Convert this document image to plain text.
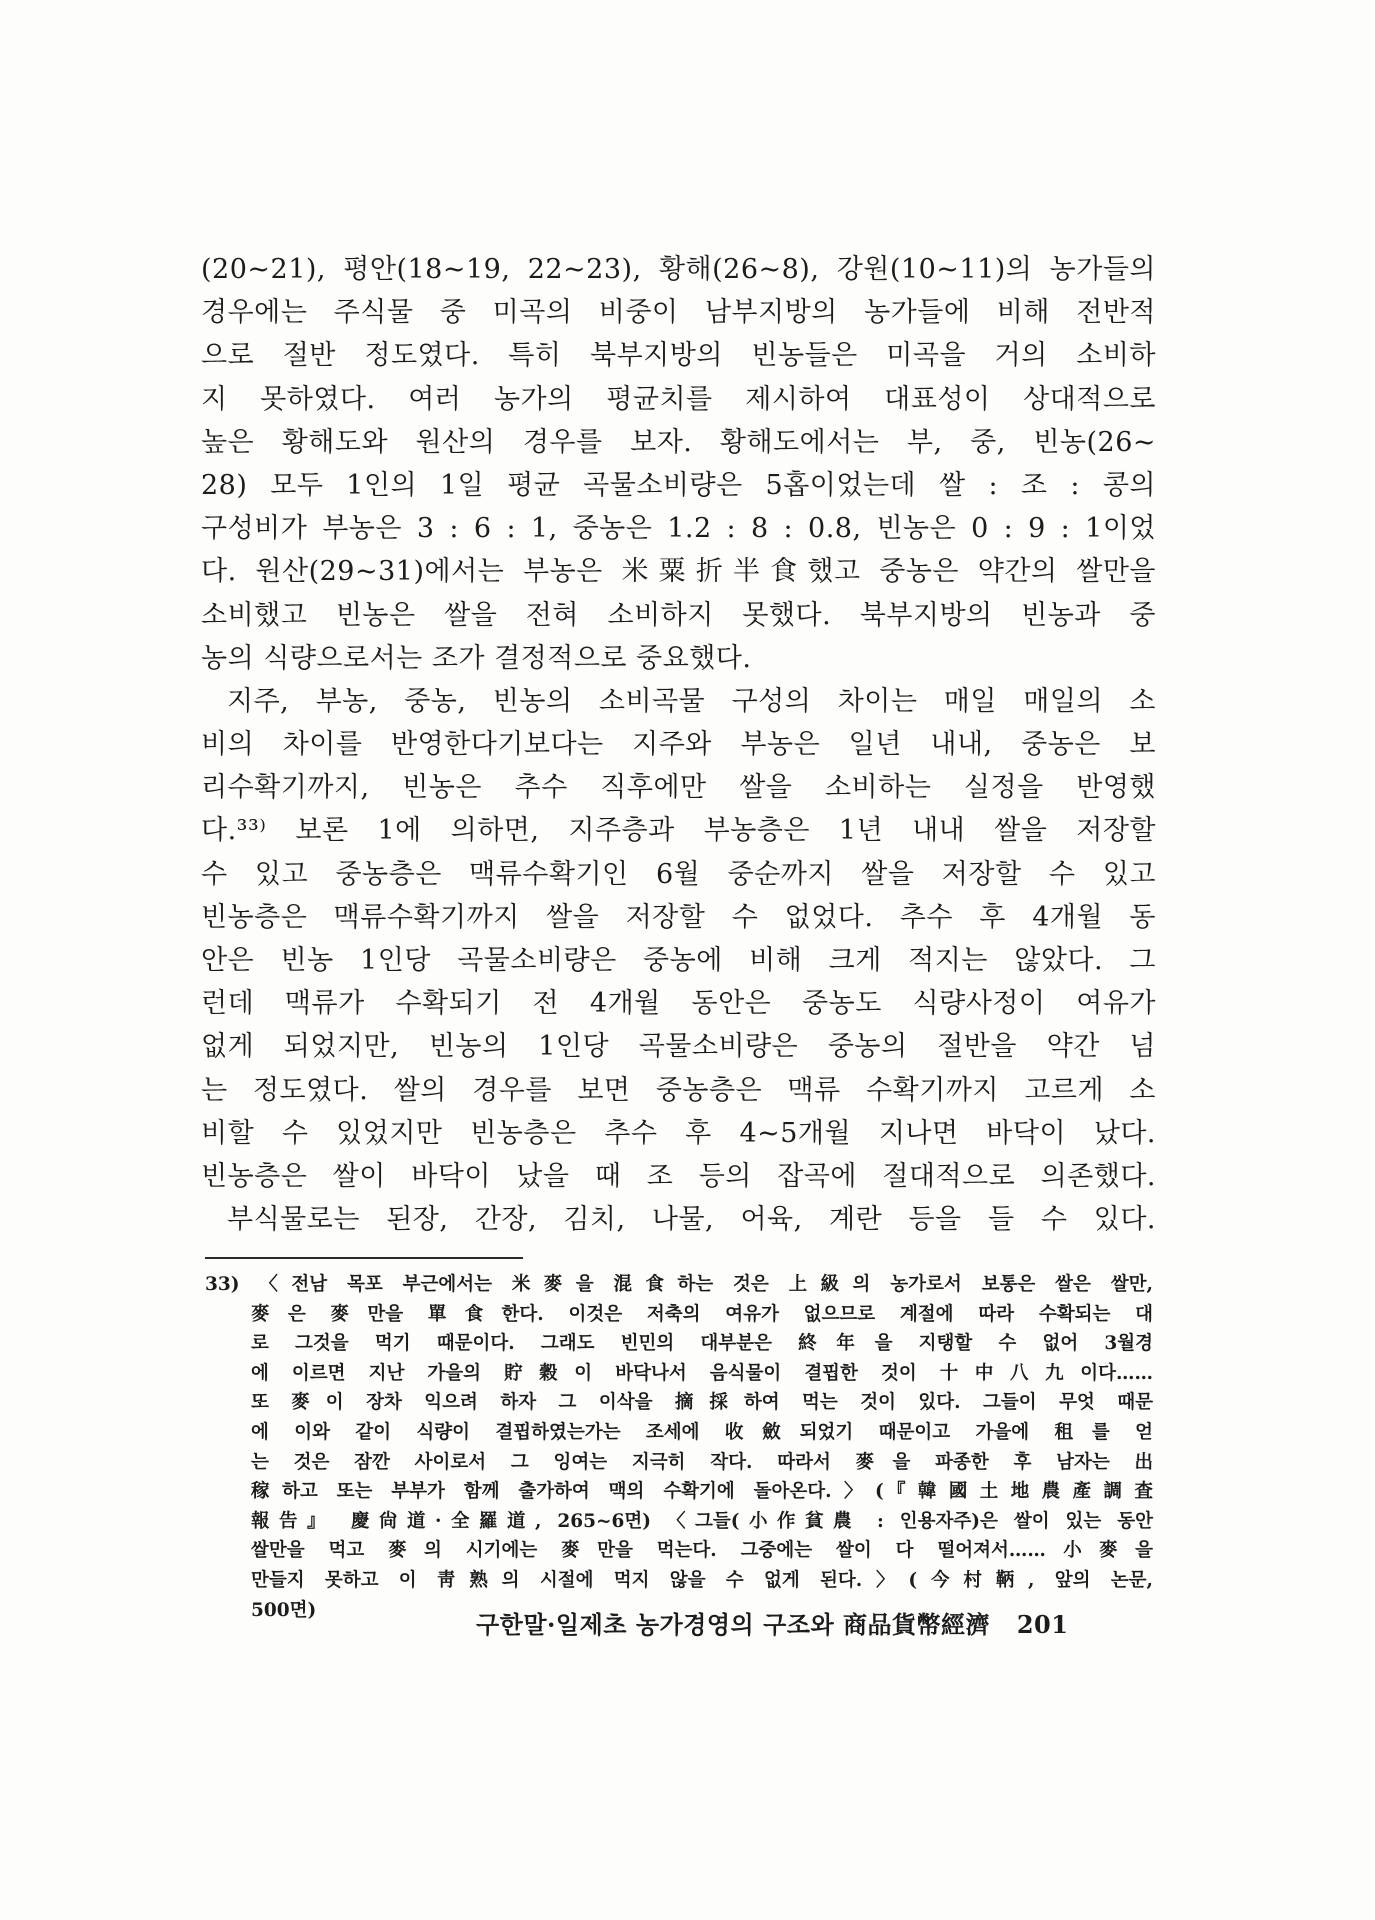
(20~21), 평안(18~19, 22~23), 황해(26~8), 강원(10~11)의 농가들의
경우에는 주식물 중 미곡의 비중이 남부지방의 농가들에 비해 전반적
으로 절반 정도였다. 특히 북부지방의 빈농들은 미곡을 거의 소비하
지 못하였다. 여러 농가의 평균치를 제시하여 대표성이 상대적으로
높은 황해도와 원산의 경우를 보자. 황해도에서는 부, 중, 빈농(26~
28) 모두 1인의 1일 평균 곡물소비량은 5홉이었는데 쌀 : 조 : 콩의
구성비가 부농은 3 : 6 : 1, 중농은 1.2 : 8 : 0.8, 빈농은 0 : 9 : 1이었
다. 원산(29~31)에서는 부농은 米粟折半食했고 중농은 약간의 쌀만을
소비했고 빈농은 쌀을 전혀 소비하지 못했다. 북부지방의 빈농과 중
농의 식량으로서는 조가 결정적으로 중요했다.
지주, 부농, 중농, 빈농의 소비곡물 구성의 차이는 매일 매일의 소
비의 차이를 반영한다기보다는 지주와 부농은 일년 내내, 중농은 보
리수확기까지, 빈농은 추수 직후에만 쌀을 소비하는 실정을 반영했
다.³³⁾ 보론 1에 의하면, 지주층과 부농층은 1년 내내 쌀을 저장할
수 있고 중농층은 맥류수확기인 6월 중순까지 쌀을 저장할 수 있고
빈농층은 맥류수확기까지 쌀을 저장할 수 없었다. 추수 후 4개월 동
안은 빈농 1인당 곡물소비량은 중농에 비해 크게 적지는 않았다. 그
런데 맥류가 수확되기 전 4개월 동안은 중농도 식량사정이 여유가
없게 되었지만, 빈농의 1인당 곡물소비량은 중농의 절반을 약간 넘
는 정도였다. 쌀의 경우를 보면 중농층은 맥류 수확기까지 고르게 소
비할 수 있었지만 빈농층은 추수 후 4~5개월 지나면 바닥이 났다.
빈농층은 쌀이 바닥이 났을 때 조 등의 잡곡에 절대적으로 의존했다.
부식물로는 된장, 간장, 김치, 나물, 어육, 계란 등을 들 수 있다.
33) 〈전남 목포 부근에서는 米麥을 混食하는 것은 上級의 농가로서 보통은 쌀은 쌀만,
麥은 麥만을 單食한다. 이것은 저축의 여유가 없으므로 계절에 따라 수확되는 대
로 그것을 먹기 때문이다. 그래도 빈민의 대부분은 終年을 지탱할 수 없어 3월경
에 이르면 지난 가을의 貯穀이 바닥나서 음식물이 결핍한 것이 十中八九이다……
또 麥이 장차 익으려 하자 그 이삭을 摘採하여 먹는 것이 있다. 그들이 무엇 때문
에 이와 같이 식량이 결핍하였는가는 조세에 收斂되었기 때문이고 가을에 租를 얻
는 것은 잠깐 사이로서 그 잉여는 지극히 작다. 따라서 麥을 파종한 후 남자는 出
稼하고 또는 부부가 함께 출가하여 맥의 수확기에 돌아온다.〉(『韓國土地農產調査
報告』 慶尙道·全羅道, 265~6면) 〈그들(小作貧農 : 인용자주)은 쌀이 있는 동안
쌀만을 먹고 麥의 시기에는 麥만을 먹는다. 그중에는 쌀이 다 떨어져서……小麥을
만들지 못하고 이 靑熟의 시절에 먹지 않을 수 없게 된다.〉(今村鞆, 앞의 논문,
500면)	구한말·일제초 농가경영의 구조와 商品貨幣經濟 201
